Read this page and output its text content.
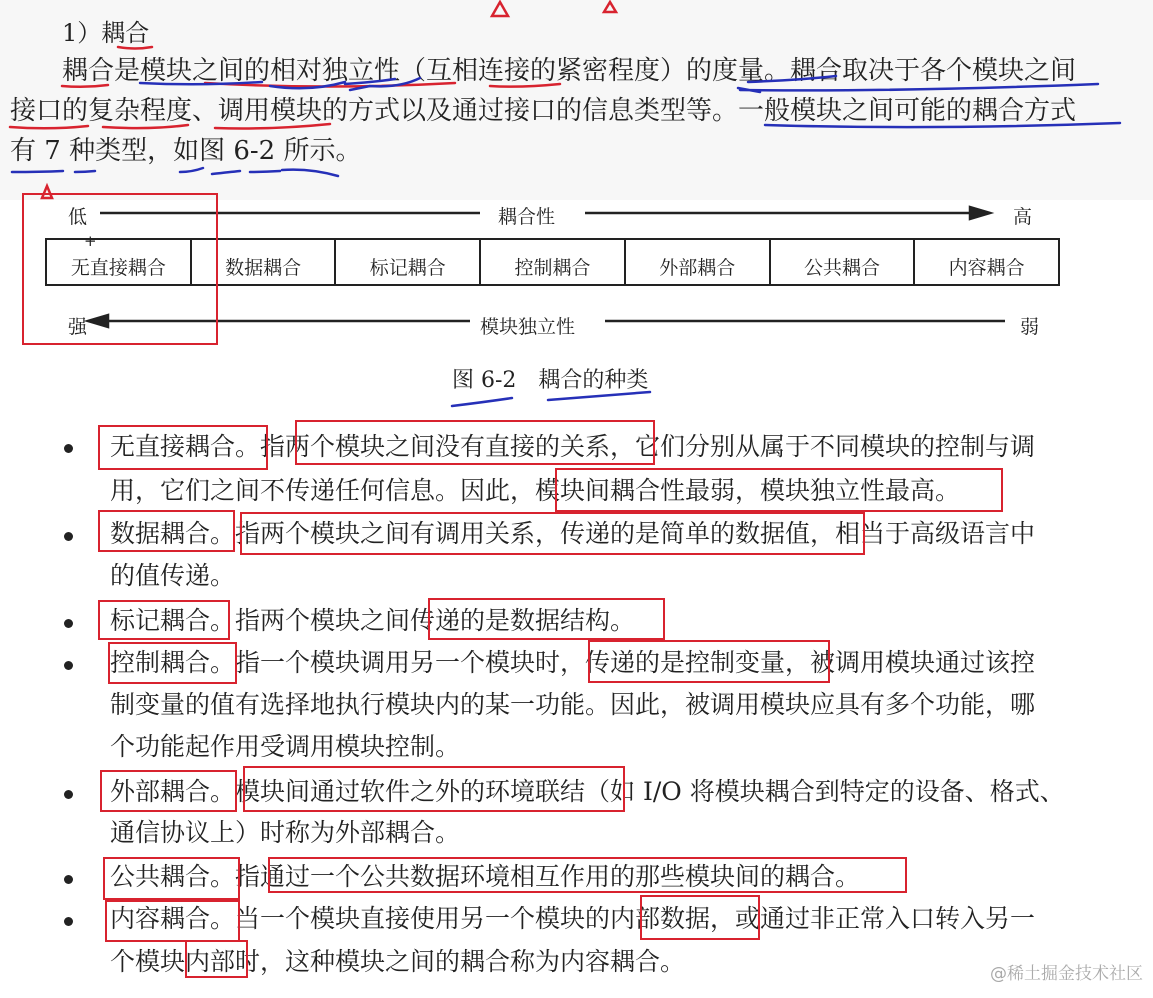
1）耦合
耦合是模块之间的相对独立性（互相连接的紧密程度）的度量。耦合取决于各个模块之间
接口的复杂程度、调用模块的方式以及通过接口的信息类型等。一般模块之间可能的耦合方式
有 7 种类型，如图 6-2 所示。
低	耦合性	高
+
无直接耦合	数据耦合	标记耦合	控制耦合	外部耦合	公共耦合	内容耦合
强	模块独立性	弱
图 6-2　耦合的种类
无直接耦合。指两个模块之间没有直接的关系，它们分别从属于不同模块的控制与调
用，它们之间不传递任何信息。因此，模块间耦合性最弱，模块独立性最高。
数据耦合。指两个模块之间有调用关系，传递的是简单的数据值，相当于高级语言中
的值传递。
标记耦合。指两个模块之间传递的是数据结构。
控制耦合。指一个模块调用另一个模块时，传递的是控制变量，被调用模块通过该控
制变量的值有选择地执行模块内的某一功能。因此，被调用模块应具有多个功能，哪
个功能起作用受调用模块控制。
外部耦合。模块间通过软件之外的环境联结（如 I/O 将模块耦合到特定的设备、格式、
通信协议上）时称为外部耦合。
公共耦合。指通过一个公共数据环境相互作用的那些模块间的耦合。
内容耦合。当一个模块直接使用另一个模块的内部数据，或通过非正常入口转入另一
个模块内部时，这种模块之间的耦合称为内容耦合。	@稀土掘金技术社区
